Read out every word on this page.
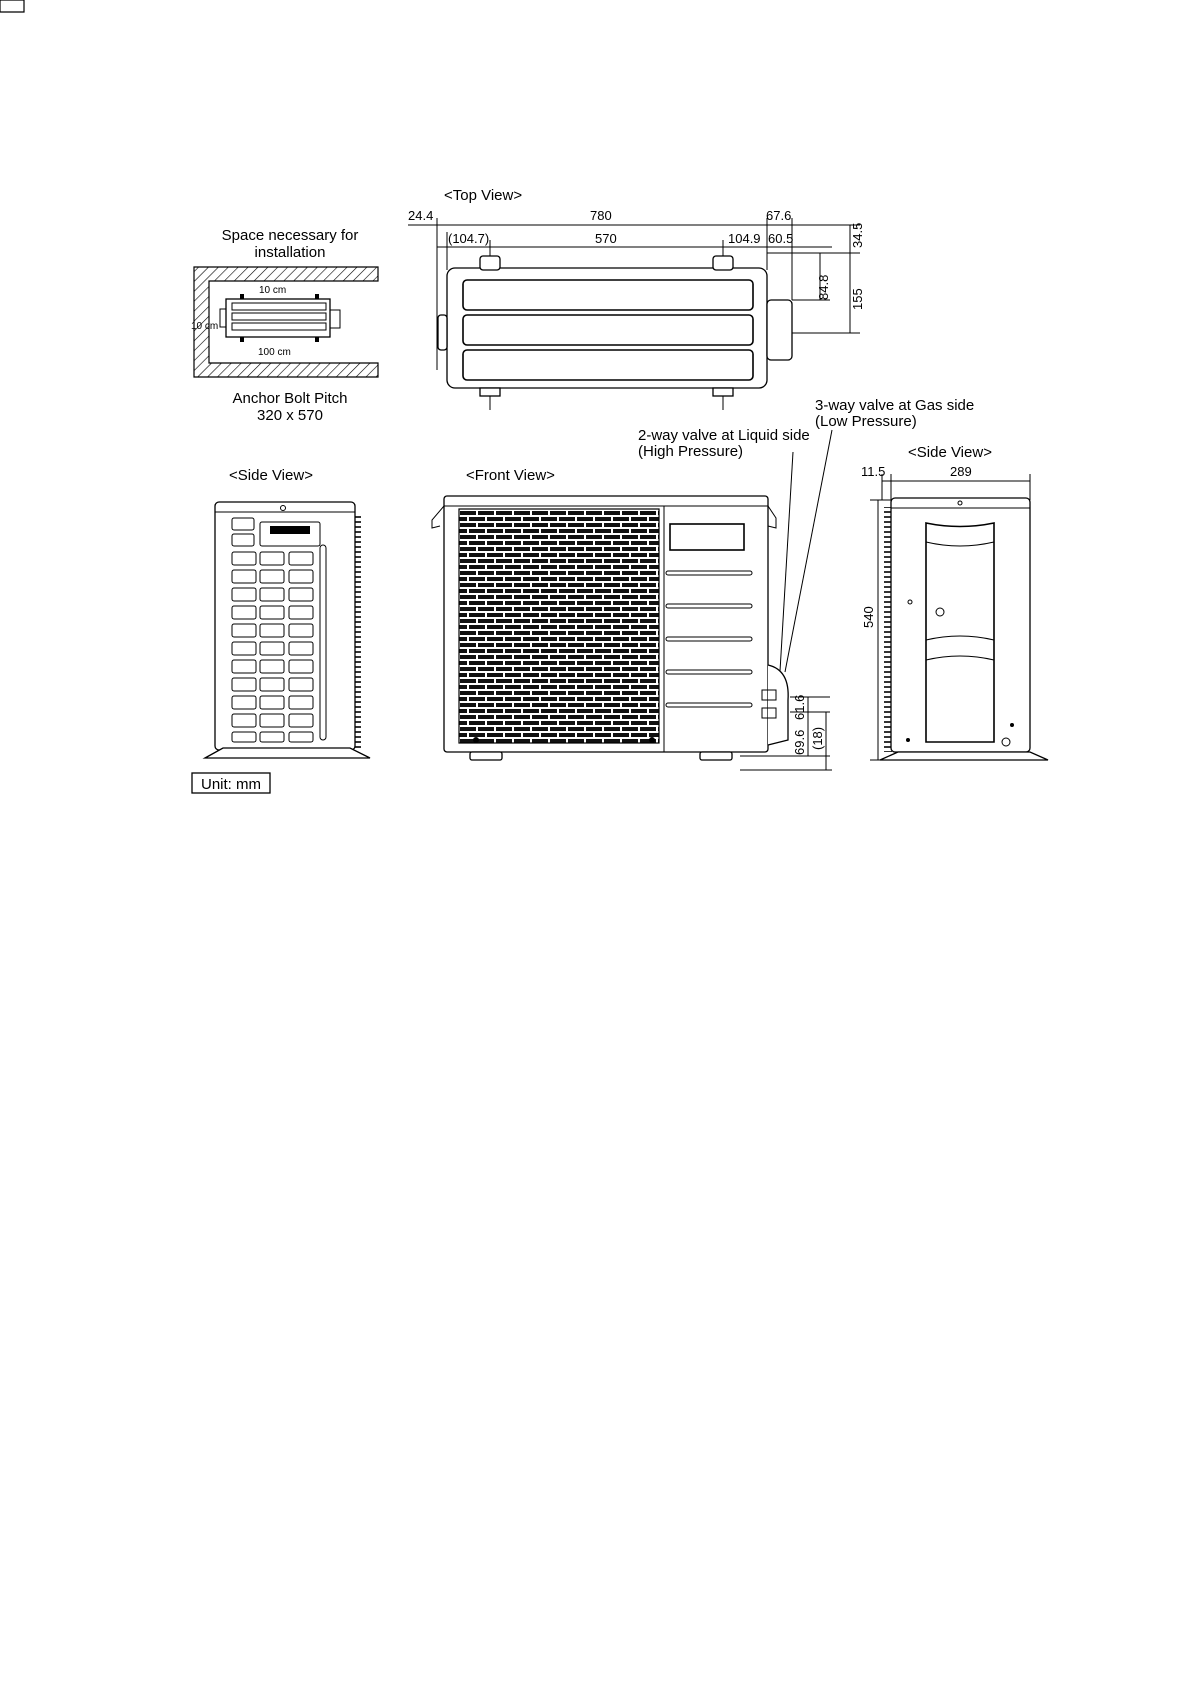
Space necessary for
installation
10 cm
10 cm
100 cm
Anchor Bolt Pitch
320 x 570
<Top View>
24.4	780	67.6
(104.7)	570	104.9 60.5	34.5
84.8 155
3-way valve at Gas side
(Low Pressure)
2-way valve at Liquid side
(High Pressure)
<Side View>	<Front View>
61.6
69.6 (18)
<Side View>
11.5	289
540
Unit: mm
